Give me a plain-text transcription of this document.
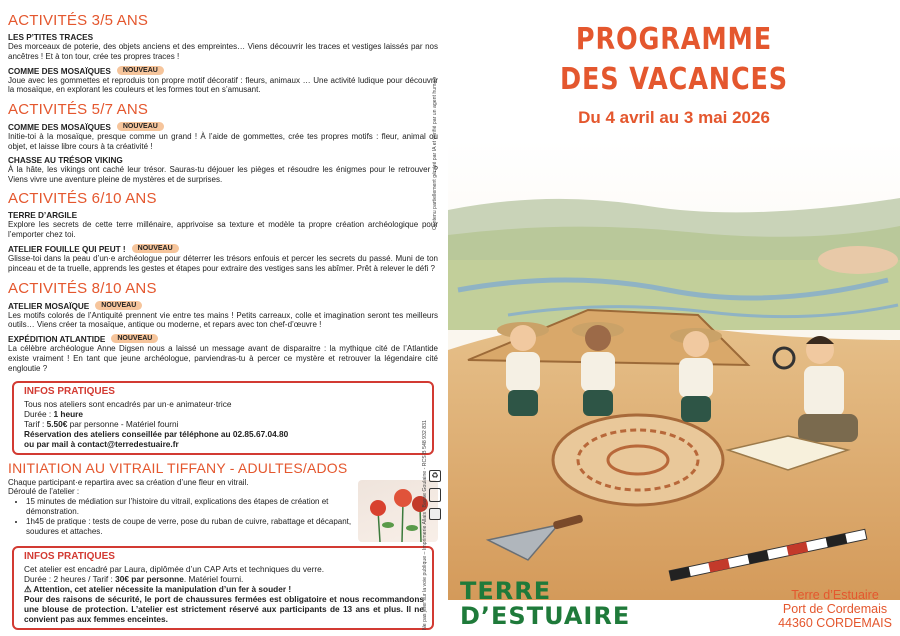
ACTIVITÉS 3/5 ANS
LES P’TITES TRACES
Des morceaux de poterie, des objets anciens et des empreintes… Viens découvrir les traces et vestiges laissés par nos ancêtres ! Et à ton tour, crée tes propres traces !
COMME DES MOSAÏQUES NOUVEAU
Joue avec les gommettes et reproduis ton propre motif décoratif : fleurs, animaux … Une activité ludique pour découvrir la mosaïque, en explorant les couleurs et les formes tout en s’amusant.
ACTIVITÉS 5/7 ANS
COMME DES MOSAÏQUES NOUVEAU
Initie-toi à la mosaïque, presque comme un grand ! À l’aide de gommettes, crée tes propres motifs : fleur, animal ou objet, et laisse libre cours à ta créativité !
CHASSE AU TRÉSOR VIKING
À la hâte, les vikings ont caché leur trésor. Sauras-tu déjouer les pièges et résoudre les énigmes pour le retrouver ? Viens vivre une aventure pleine de mystères et de surprises.
ACTIVITÉS 6/10 ANS
TERRE D’ARGILE
Explore les secrets de cette terre millénaire, apprivoise sa texture et modèle ta propre création archéologique pour l’emporter chez toi.
ATELIER FOUILLE QUI PEUT ! NOUVEAU
Glisse-toi dans la peau d’un·e archéologue pour déterrer les trésors enfouis et percer les secrets du passé. Muni de ton pinceau et de ta truelle, apprends les gestes et étapes pour extraire des vestiges sans les abîmer. Prêt à relever le défi ?
ACTIVITÉS 8/10 ANS
ATELIER MOSAÏQUE NOUVEAU
Les motifs colorés de l’Antiquité prennent vie entre tes mains ! Petits carreaux, colle et imagination seront tes meilleurs outils… Viens créer ta mosaïque, antique ou moderne, et repars avec ton chef-d’œuvre !
EXPÉDITION ATLANTIDE NOUVEAU
La célèbre archéologue Anne Digsen nous a laissé un message avant de disparaitre : la mythique cité de l’Atlantide existe vraiment ! En tant que jeune archéologue, parviendras-tu à percer ce mystère et retrouver la légendaire cité engloutie ?
INFOS PRATIQUES
Tous nos ateliers sont encadrés par un·e animateur·trice
Durée : 1 heure
Tarif : 5.50€ par personne - Matériel fourni
Réservation des ateliers conseillée par téléphone au 02.85.67.04.80
ou par mail à contact@terredestuaire.fr
INITIATION AU VITRAIL TIFFANY - ADULTES/ADOS
Chaque participant·e repartira avec sa création d’une fleur en vitrail.
Déroulé de l’atelier :
• 15 minutes de médiation sur l’histoire du vitrail, explications des étapes de création et démonstration.
• 1h45 de pratique : tests de coupe de verre, pose du ruban de cuivre, rabattage et décapant, soudures et attaches.
INFOS PRATIQUES
Cet atelier est encadré par Laura, diplômée d’un CAP Arts et techniques du verre.
Durée : 2 heures / Tarif : 30€ par personne. Matériel fourni.
⚠ Attention, cet atelier nécessite la manipulation d’un fer à souder !
Pour des raisons de sécurité, le port de chaussures fermées est obligatoire et nous recommandons une blouse de protection. L’atelier est strictement réservé aux participants de 13 ans et plus. Il ne convient pas aux femmes enceintes.	Ne pas jeter sur la voie publique – Imprimerie Allais - Basse Goulaine - RCS B 548 932 831
Contenu partiellement généré par IA et vérifié par un agent humain
♻
PROGRAMME
DES VACANCES
Du 4 avril au 3 mai 2026
TERRE
D’ESTUAIRE
Terre d’Estuaire
Port de Cordemais
44360 CORDEMAIS
